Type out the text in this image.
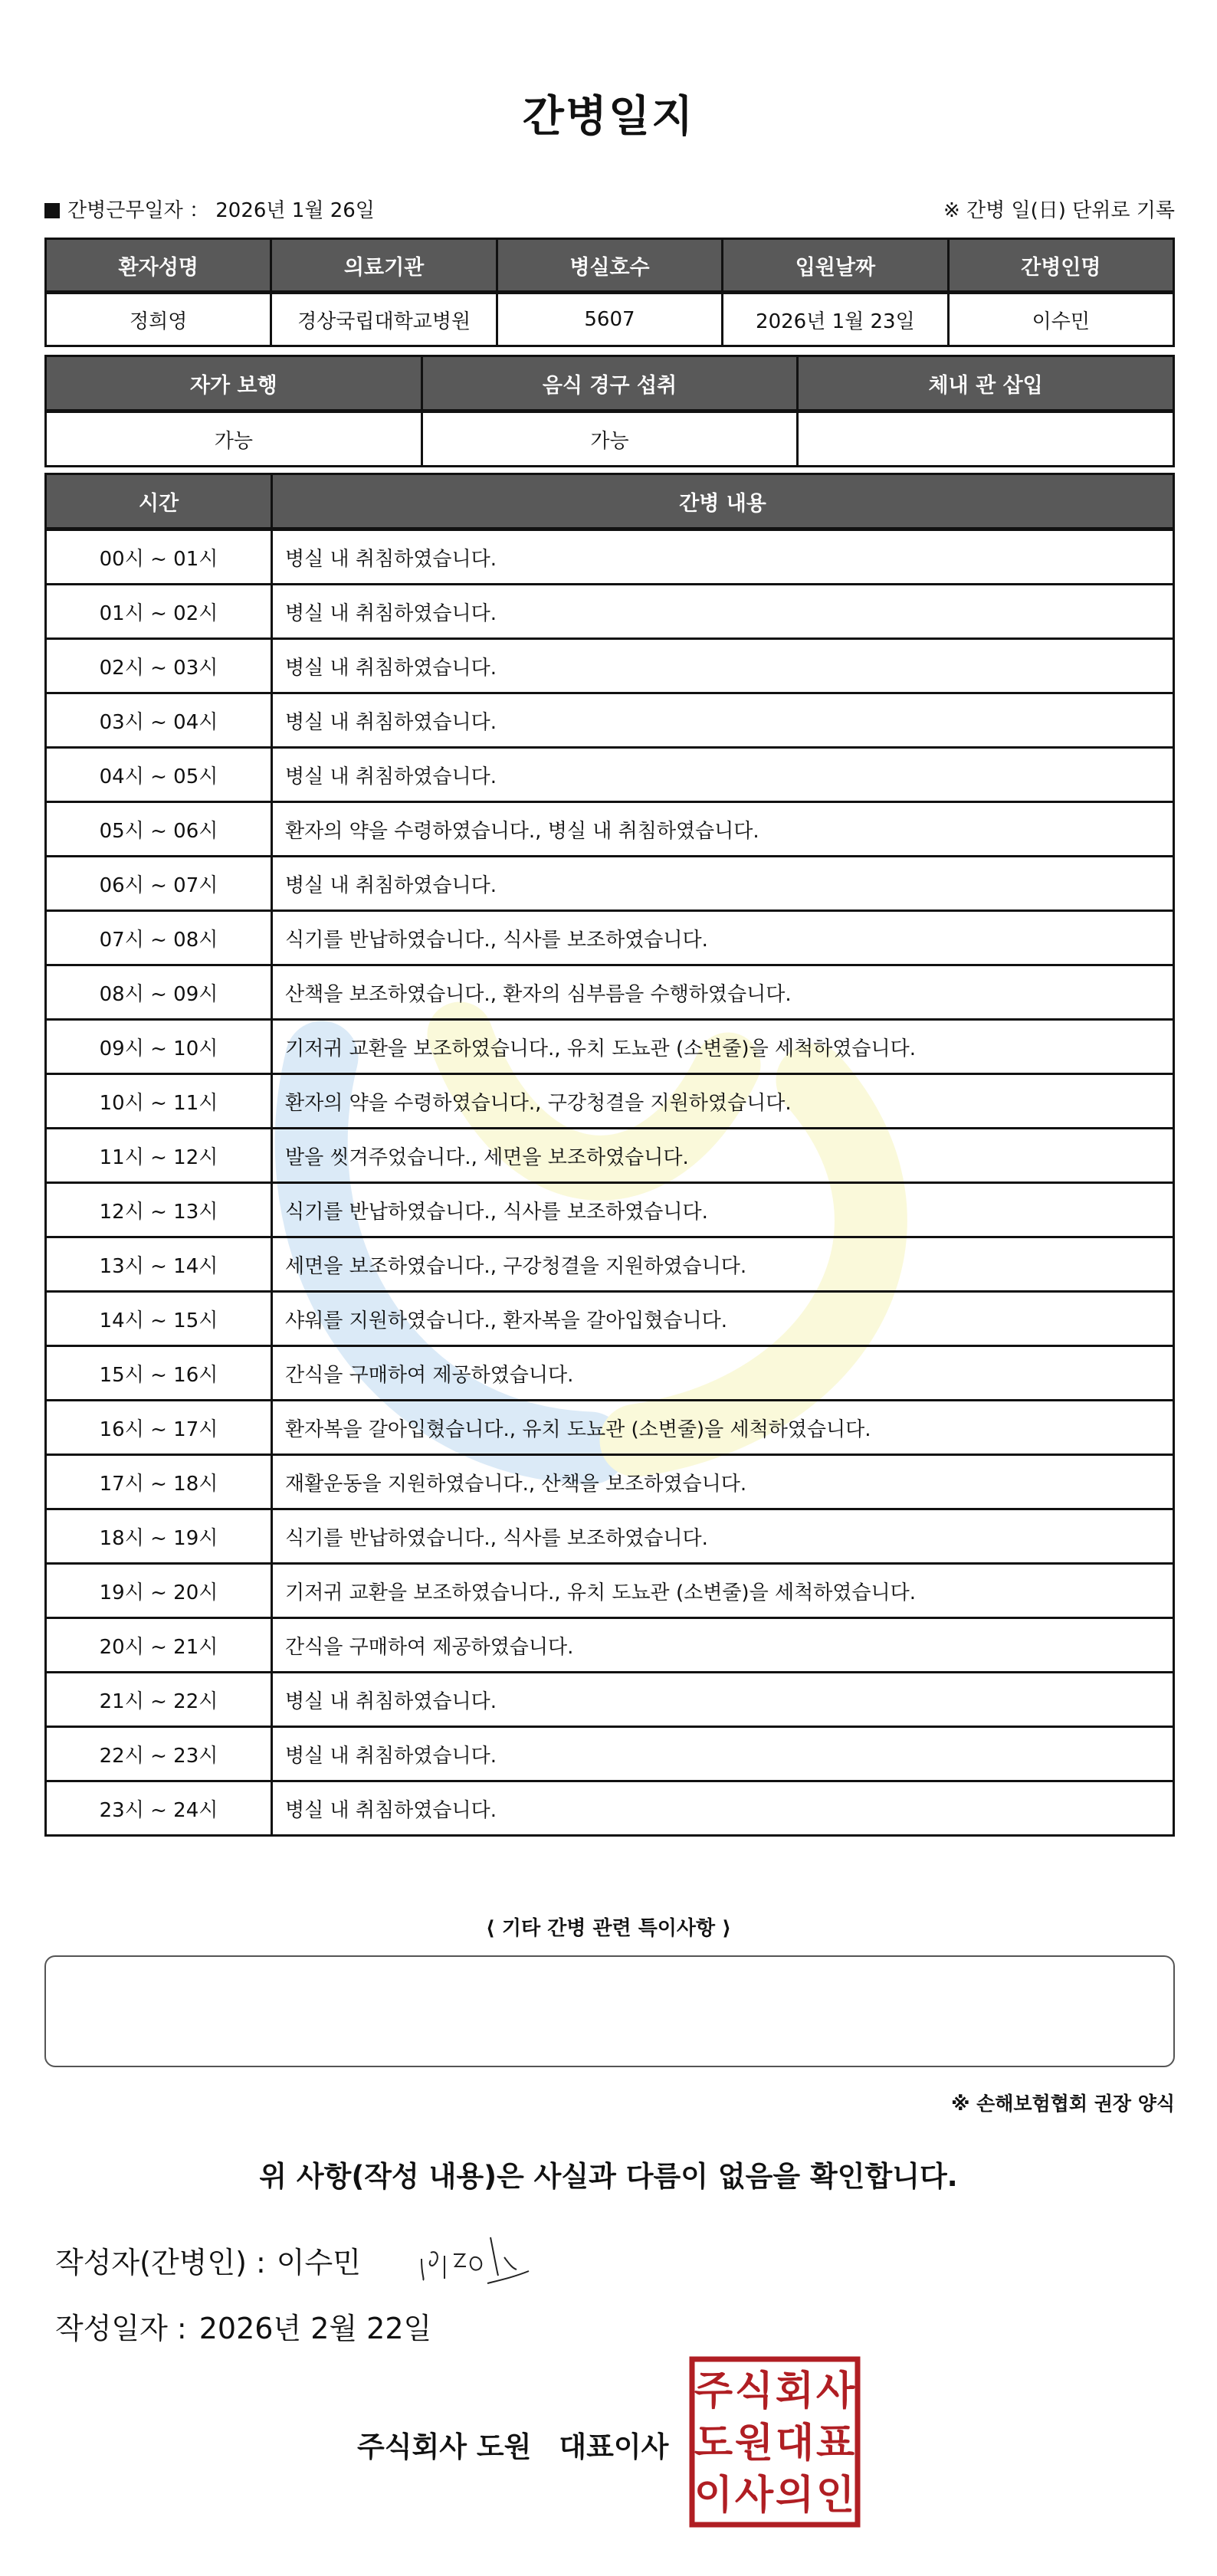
간병일지
간병근무일자 ： 2026년 1월 26일	※ 간병 일(日) 단위로 기록
환자성명	의료기관	병실호수	입원날짜	간병인명
정희영	경상국립대학교병원	5607	2026년 1월 23일	이수민
자가 보행	음식 경구 섭취	체내 관 삽입
가능	가능	
시간	간병 내용
00시 ~ 01시	병실 내 취침하였습니다.
01시 ~ 02시	병실 내 취침하였습니다.
02시 ~ 03시	병실 내 취침하였습니다.
03시 ~ 04시	병실 내 취침하였습니다.
04시 ~ 05시	병실 내 취침하였습니다.
05시 ~ 06시	환자의 약을 수령하였습니다., 병실 내 취침하였습니다.
06시 ~ 07시	병실 내 취침하였습니다.
07시 ~ 08시	식기를 반납하였습니다., 식사를 보조하였습니다.
08시 ~ 09시	산책을 보조하였습니다., 환자의 심부름을 수행하였습니다.
09시 ~ 10시	기저귀 교환을 보조하였습니다., 유치 도뇨관 (소변줄)을 세척하였습니다.
10시 ~ 11시	환자의 약을 수령하였습니다., 구강청결을 지원하였습니다.
11시 ~ 12시	발을 씻겨주었습니다., 세면을 보조하였습니다.
12시 ~ 13시	식기를 반납하였습니다., 식사를 보조하였습니다.
13시 ~ 14시	세면을 보조하였습니다., 구강청결을 지원하였습니다.
14시 ~ 15시	샤워를 지원하였습니다., 환자복을 갈아입혔습니다.
15시 ~ 16시	간식을 구매하여 제공하였습니다.
16시 ~ 17시	환자복을 갈아입혔습니다., 유치 도뇨관 (소변줄)을 세척하였습니다.
17시 ~ 18시	재활운동을 지원하였습니다., 산책을 보조하였습니다.
18시 ~ 19시	식기를 반납하였습니다., 식사를 보조하였습니다.
19시 ~ 20시	기저귀 교환을 보조하였습니다., 유치 도뇨관 (소변줄)을 세척하였습니다.
20시 ~ 21시	간식을 구매하여 제공하였습니다.
21시 ~ 22시	병실 내 취침하였습니다.
22시 ~ 23시	병실 내 취침하였습니다.
23시 ~ 24시	병실 내 취침하였습니다.
⟨ 기타 간병 관련 특이사항 ⟩
※ 손해보험협회 권장 양식
위 사항(작성 내용)은 사실과 다름이 없음을 확인합니다.
작성자(간병인) : 이수민
작성일자 : 2026년 2월 22일
주식회사 도원 대표이사
주 식 회 사
도 원 대 표
이 사 의 인
